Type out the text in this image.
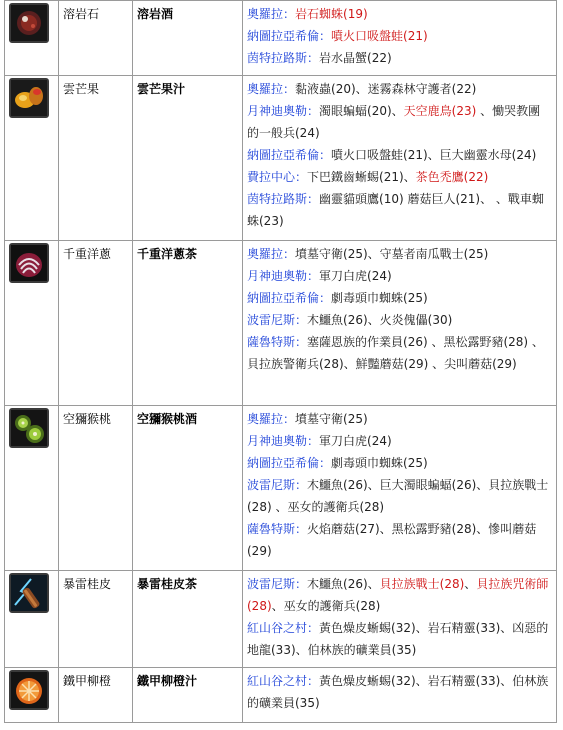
	溶岩石	溶岩酒	奧羅拉：岩石蜘蛛(19)
納圖拉亞希倫：噴火口吸盤蛙(21)
茵特拉路斯：岩水晶蟹(22)

	雲芒果	雲芒果汁	奧羅拉：黏液蟲(20)、迷霧森林守護者(22)
月神迪奧勒：濁眼蝙蝠(20)、天空鹿鳥(23) 、慟哭教團的一般兵(24)
納圖拉亞希倫：噴火口吸盤蛙(21)、巨大幽靈水母(24)
費拉中心：下巴鐵齒蜥蜴(21)、茶色禿鷹(22)
茵特拉路斯：幽靈貓頭鷹(10) 蘑菇巨人(21)、 、戰車蜘蛛(23)

	千重洋蔥	千重洋蔥茶	奧羅拉：墳墓守衛(25)、守墓者南瓜戰士(25)
月神迪奧勒：軍刀白虎(24)
納圖拉亞希倫：劇毒頭巾蜘蛛(25)
波雷尼斯：木鱷魚(26)、火炎傀儡(30)
薩魯特斯：塞薩恩族的作業員(26) 、黑松露野豬(28) 、貝拉族警衛兵(28)、鮮豔蘑菇(29) 、尖叫蘑菇(29)

	空獼猴桃	空獼猴桃酒	奧羅拉：墳墓守衛(25)
月神迪奧勒：軍刀白虎(24)
納圖拉亞希倫：劇毒頭巾蜘蛛(25)
波雷尼斯：木鱷魚(26)、巨大濁眼蝙蝠(26)、貝拉族戰士(28) 、巫女的護衛兵(28)
薩魯特斯：火焰蘑菇(27)、黑松露野豬(28)、慘叫蘑菇(29)

	暴雷桂皮	暴雷桂皮茶	波雷尼斯：木鱷魚(26)、貝拉族戰士(28)、貝拉族咒術師(28)、巫女的護衛兵(28)
紅山谷之村：黃色燥皮蜥蜴(32)、岩石精靈(33)、凶惡的地龍(33)、伯林族的礦業員(35)

	鐵甲柳橙	鐵甲柳橙汁	紅山谷之村：黃色燥皮蜥蜴(32)、岩石精靈(33)、伯林族的礦業員(35)
